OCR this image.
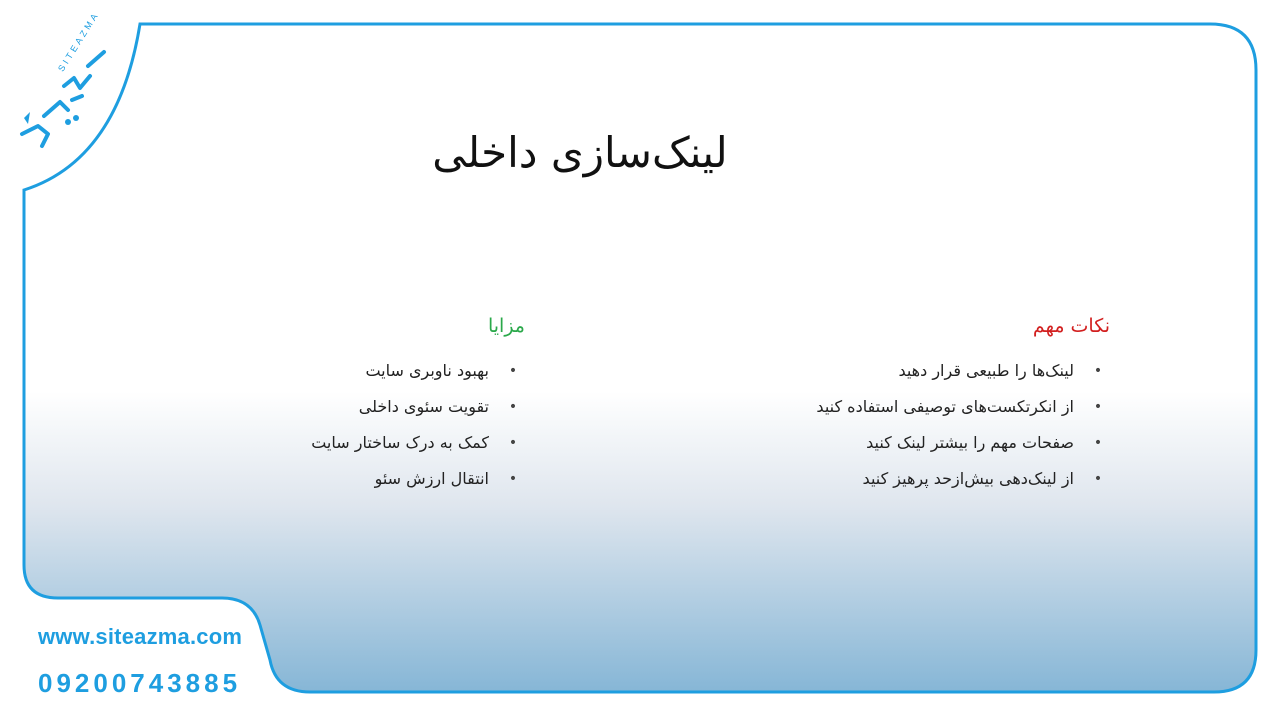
SITEAZMA
لینک‌سازی داخلی
نکات مهم
•
لینک‌ها را طبیعی قرار دهید
•
از انکرتکست‌های توصیفی استفاده کنید
•
صفحات مهم را بیشتر لینک کنید
•
از لینک‌دهی بیش‌ازحد پرهیز کنید
مزایا
•
بهبود ناوبری سایت
•
تقویت سئوی داخلی
•
کمک به درک ساختار سایت
•
انتقال ارزش سئو
www.siteazma.com
09200743885
